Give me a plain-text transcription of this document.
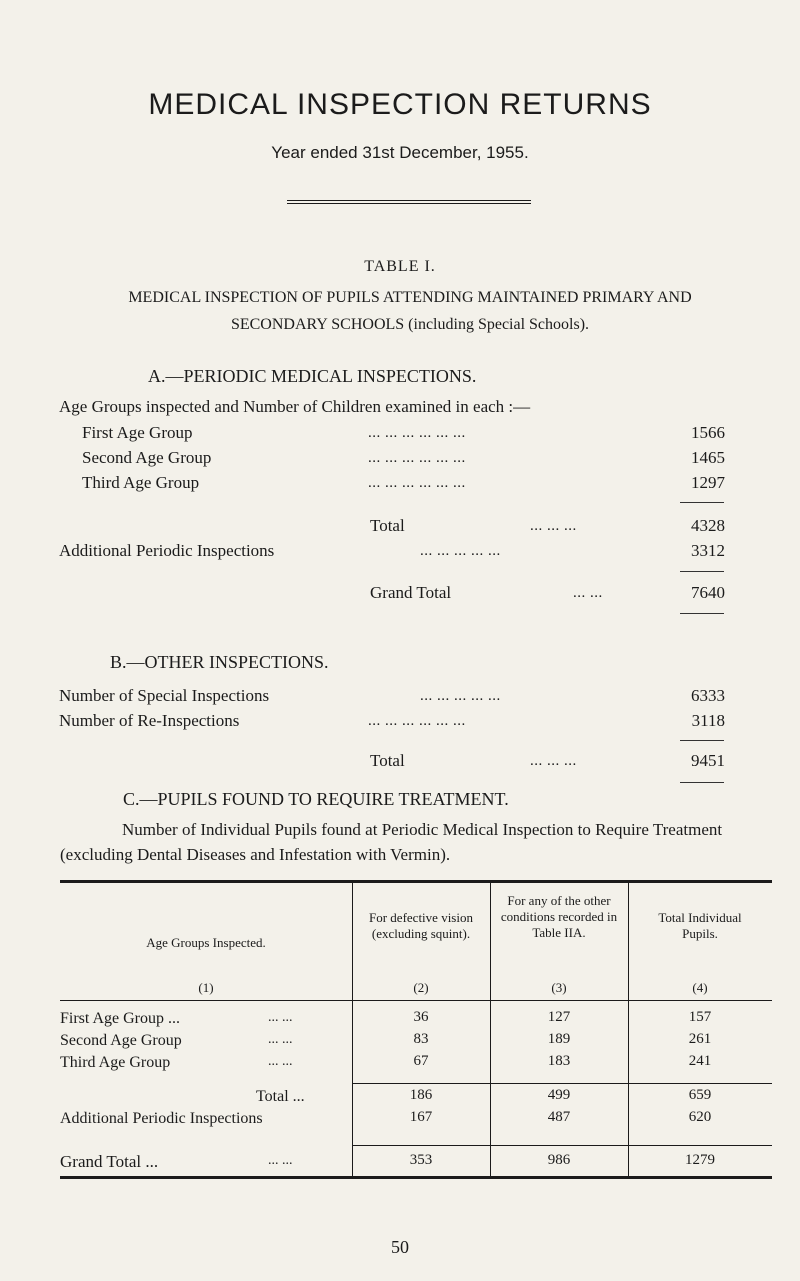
MEDICAL INSPECTION RETURNS
Year ended 31st December, 1955.
TABLE I.
MEDICAL INSPECTION OF PUPILS ATTENDING MAINTAINED PRIMARY AND SECONDARY SCHOOLS (including Special Schools).
A.—PERIODIC MEDICAL INSPECTIONS.
Age Groups inspected and Number of Children examined in each :—
First Age Group	... ... ... ... ... ...	1566
Second Age Group	... ... ... ... ... ...	1465
Third Age Group	... ... ... ... ... ...	1297
Total	... ... ...	4328
Additional Periodic Inspections	... ... ... ... ...	3312
Grand Total	... ...	7640
B.—OTHER INSPECTIONS.
Number of Special Inspections	... ... ... ... ...	6333
Number of Re-Inspections	... ... ... ... ... ...	3118
Total	... ... ...	9451
C.—PUPILS FOUND TO REQUIRE TREATMENT.
Number of Individual Pupils found at Periodic Medical Inspection to Require Treatment (excluding Dental Diseases and Infestation with Vermin).
Age Groups Inspected.
For defective vision (excluding squint).
For any of the other conditions recorded in Table IIA.
Total Individual Pupils.
(1)	(2)	(3)	(4)
First Age Group ...	... ...	36	127	157
Second Age Group	... ...	83	189	261
Third Age Group	... ...	67	183	241
Total ...	186	499	659
Additional Periodic Inspections	167	487	620
Grand Total ...	... ...	353	986	1279
50
